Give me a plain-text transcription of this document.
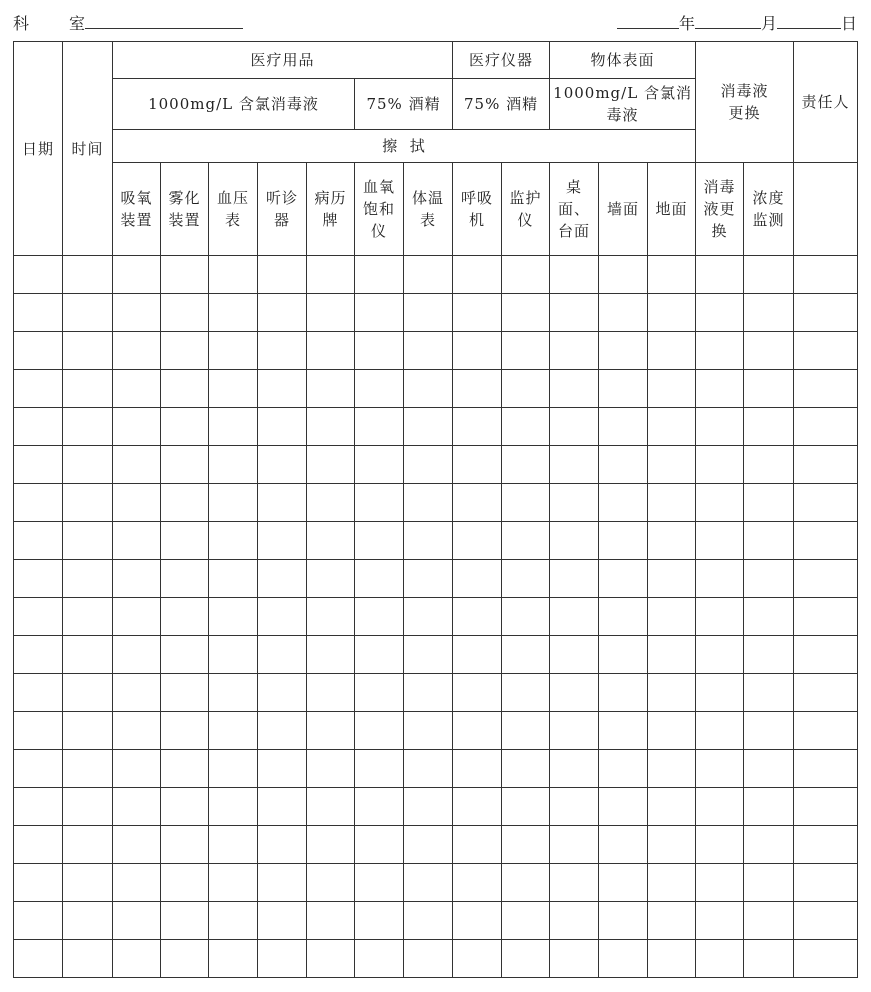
科	室	年	月	日
日期	时间	医疗用品							医疗仪器		物体表面			消毒液更换		责任人
		1000mg/L 含氯消毒液					75% 酒精		75% 酒精		1000mg/L 含氯消毒液					
		擦  拭														
		吸氧装置	雾化装置	血压表	听诊器	病历牌	血氧饱和仪	体温表	呼吸机	监护仪	桌面、台面	墙面	地面	消毒液更换	浓度监测	
